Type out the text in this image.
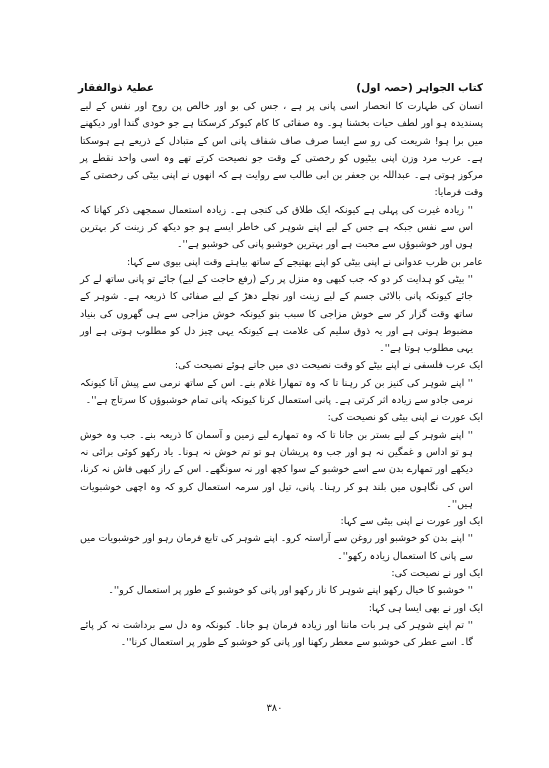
کتاب الجواہر (حصہ اول)
عطیۂ ذوالفقار

انسان کی طہارت کا انحصار اسی پانی پر ہے ، جس کی بو اور خالص پن روح اور نفس کے لیے پسندیدہ ہو اور لطف حیات بخشنا ہو۔ وہ صفائی کا کام کیوکر کرسکتا ہے جو خودی گندا اور دیکھنے میں برا ہو! شریعت کی رو سے ایسا صرف صاف شفاف پانی اس کے متبادل کے ذریعے ہے ہوسکتا ہے۔ عرب مرد وزن اپنی بیٹیوں کو رخصتی کے وقت جو نصیحت کرتے تھے وہ اسی واحد نقطے پر مرکوز ہوتی ہے۔ عبداللہ بن جعفر بن ابی طالب سے روایت ہے کہ انھوں نے اپنی بیٹی کی رخصتی کے وقت فرمایا:

'' زیادہ غیرت کی پہلی ہے کیونکہ ایک طلاق کی کنجی ہے۔ زیادہ استعمال سمجھی ذکر کھانا کہ اس سے نفس جبکہ ہے جس کے لیے اپنے شوہر کی خاطر ایسے ہو جو دیکھ کر زینت کر بہترین ہوں اور خوشبوؤں سے محبت ہے اور بہترین خوشبو پانی کی خوشبو ہے''۔

عامر بن ظرب عدوانی نے اپنی بیٹی کو اپنے بھتیجے کے ساتھ بیاہتے وقت اپنی بیوی سے کہا:

'' بیٹی کو ہدایت کر دو کہ جب کبھی وہ منزل پر رکے (رفع حاجت کے لیے) جائے تو پانی ساتھ لے کر جائے کیونکہ پانی بالائی جسم کے لیے زینت اور نچلے دھڑ کے لیے صفائی کا ذریعہ ہے۔ شوہر کے ساتھ وقت گزار کر سے خوش مزاجی کا سبب بنو کیونکہ خوش مزاجی سے ہی گھروں کی بنیاد مضبوط ہوتی ہے اور یہ ذوق سلیم کی علامت ہے کیونکہ یہی چیز دل کو مطلوب ہوتی ہے اور یہی مطلوب ہوتا ہے''۔

ایک عرب فلسفی نے اپنے بیٹے کو وقت نصیحت دی میں جاتے ہوئے نصیحت کی:

'' اپنے شوہر کی کنیز بن کر رہنا تا کہ وہ تمھارا غلام بنے۔ اس کے ساتھ نرمی سے پیش آنا کیونکہ نرمی جادو سے زیادہ اثر کرتی ہے۔ پانی استعمال کرنا کیونکہ پانی تمام خوشبوؤں کا سرتاج ہے''۔

ایک عورت نے اپنی بیٹی کو نصیحت کی:

'' اپنے شوہر کے لیے بستر بن جانا تا کہ وہ تمھارے لیے زمین و آسمان کا ذریعہ بنے۔ جب وہ خوش ہو تو اداس و غمگین نہ ہو اور جب وہ پریشان ہو تو تم خوش نہ ہونا۔ یاد رکھو کوئی برائی نہ دیکھے اور تمھارے بدن سے اسے خوشبو کے سوا کچھ اور نہ سونگھے۔ اس کے راز کبھی فاش نہ کرنا، اس کی نگاہوں میں بلند ہو کر رہنا۔ پانی، تیل اور سرمہ استعمال کرو کہ وہ اچھی خوشبویات ہیں''۔

ایک اور عورت نے اپنی بیٹی سے کہا:

'' اپنے بدن کو خوشبو اور روغن سے آراستہ کرو۔ اپنے شوہر کی تابع فرمان رہو اور خوشبویات میں سے پانی کا استعمال زیادہ رکھو''۔

ایک اور نے نصیحت کی:

'' خوشبو کا خیال رکھو اپنے شوہر کا ناز رکھو اور پانی کو خوشبو کے طور پر استعمال کرو''۔

ایک اور نے بھی ایسا ہی کہا:

'' تم اپنے شوہر کی ہر بات ماننا اور زیادہ فرمان ہو جانا۔ کیونکہ وہ دل سے برداشت نہ کر پائے گا۔ اسے عطر کی خوشبو سے معطر رکھنا اور پانی کو خوشبو کے طور پر استعمال کرنا''۔

۳۸۰
